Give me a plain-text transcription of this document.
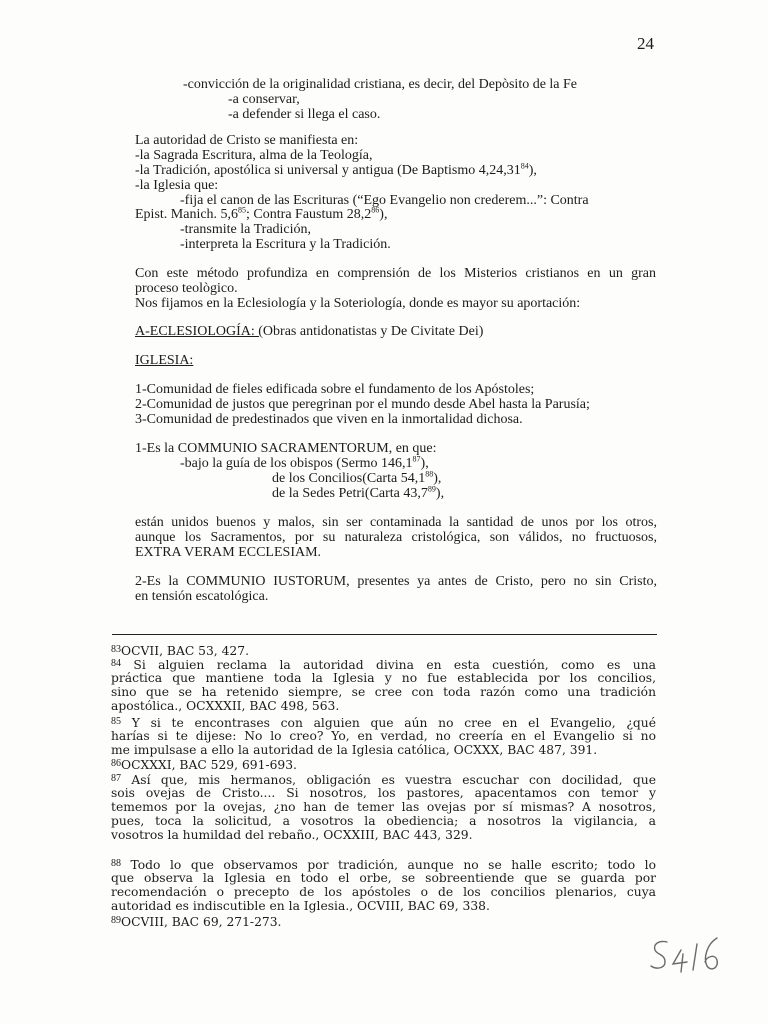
24
-convicción de la originalidad cristiana, es decir, del Depòsito de la Fe
-a conservar,
-a defender si llega el caso.
La autoridad de Cristo se manifiesta en:
-la Sagrada Escritura, alma de la Teología,
-la Tradición, apostólica si universal y antigua (De Baptismo 4,24,31$^{84}$),
-la Iglesia que:
-fija el canon de las Escrituras (“Ego Evangelio non crederem...”: Contra
Epist. Manich. $5,6^{85}$; Contra Faustum 28,2$^{86}$),
-transmite la Tradición,
-interpreta la Escritura y la Tradición.
Con este método profundiza en comprensión de los Misterios cristianos en un gran
proceso teològico.
Nos fijamos en la Eclesiología y la Soteriología, donde es mayor su aportación:
A-ECLESIOLOGÍA: (Obras antidonatistas y De Civitate Dei)
IGLESIA:
1-Comunidad de fieles edificada sobre el fundamento de los Apóstoles;
2-Comunidad de justos que peregrinan por el mundo desde Abel hasta la Parusía;
3-Comunidad de predestinados que viven en la inmortalidad dichosa.
1-Es la COMMUNIO SACRAMENTORUM, en que:
-bajo la guía de los obispos (Sermo 146,1$^{87}$),
de los Concilios(Carta 54,1$^{88}$),
de la Sedes Petri(Carta 43,7$^{89}$),
están unidos buenos y malos, sin ser contaminada la santidad de unos por los otros,
aunque los Sacramentos, por su naturaleza cristológica, son válidos, no fructuosos,
EXTRA VERAM ECCLESIAM.
2-Es la COMMUNIO IUSTORUM, presentes ya antes de Cristo, pero no sin Cristo,
en tensión escatológica.
$^{83}$OCVII, BAC 53, 427.
$^{84}$ Si alguien reclama la autoridad divina en esta cuestión, como es una
práctica que mantiene toda la Iglesia y no fue establecida por los concilios,
sino que se ha retenido siempre, se cree con toda razón como una tradición
apostólica., OCXXXII, BAC 498, 563.
$^{85}$ Y si te encontrases con alguien que aún no cree en el Evangelio, ¿qué
harías si te dijese: No lo creo? Yo, en verdad, no creería en el Evangelio si no
me impulsase a ello la autoridad de la Iglesia católica, OCXXX, BAC 487, 391.
$^{86}$OCXXXI, BAC 529, 691-693.
$^{87}$ Así que, mis hermanos, obligación es vuestra escuchar con docilidad, que
sois ovejas de Cristo.... Si nosotros, los pastores, apacentamos con temor y
tememos por la ovejas, ¿no han de temer las ovejas por sí mismas? A nosotros,
pues, toca la solicitud, a vosotros la obediencia; a nosotros la vigilancia, a
vosotros la humildad del rebaño., OCXXIII, BAC 443, 329.
$^{88}$ Todo lo que observamos por tradición, aunque no se halle escrito; todo lo
que observa la Iglesia en todo el orbe, se sobreentiende que se guarda por
recomendación o precepto de los apóstoles o de los concilios plenarios, cuya
autoridad es indiscutible en la Iglesia., OCVIII, BAC 69, 338.
$^{89}$OCVIII, BAC 69, 271-273.
